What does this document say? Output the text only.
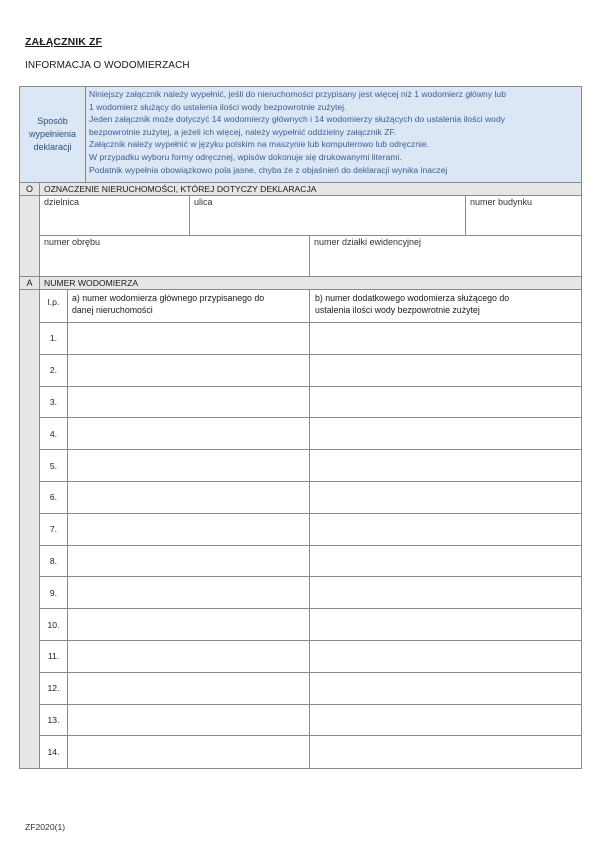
ZAŁĄCZNIK ZF
INFORMACJA O WODOMIERZACH
Sposób
wypełnienia
deklaracji
Niniejszy załącznik należy wypełnić, jeśli do nieruchomości przypisany jest więcej niż 1 wodomierz główny lub
1 wodomierz służący do ustalenia ilości wody bezpowrotnie zużytej.
Jeden załącznik może dotyczyć 14 wodomierzy głównych i 14 wodomierzy służących do ustalenia ilości wody
bezpowrotnie zużytej, a jeżeli ich więcej, należy wypełnić oddzielny załącznik ZF.
Załącznik należy wypełnić w języku polskim na maszynie lub komputerowo lub odręcznie.
W przypadku wyboru formy odręcznej, wpisów dokonuje się drukowanymi literami.
Podatnik wypełnia obowiązkowo pola jasne, chyba że z objaśnień do deklaracji wynika inaczej
O	OZNACZENIE NIERUCHOMOŚCI, KTÓREJ DOTYCZY DEKLARACJA
dzielnica	ulica	numer budynku
numer obrębu	numer działki ewidencyjnej
A	NUMER WODOMIERZA
l.p.	a) numer wodomierza głównego przypisanego do
danej nieruchomości
b) numer dodatkowego wodomierza służącego do
ustalenia ilości wody bezpowrotnie zużytej
1.
2.
3.
4.
5.
6.
7.
8.
9.
10.
11.
12.
13.
14.
ZF2020(1)
